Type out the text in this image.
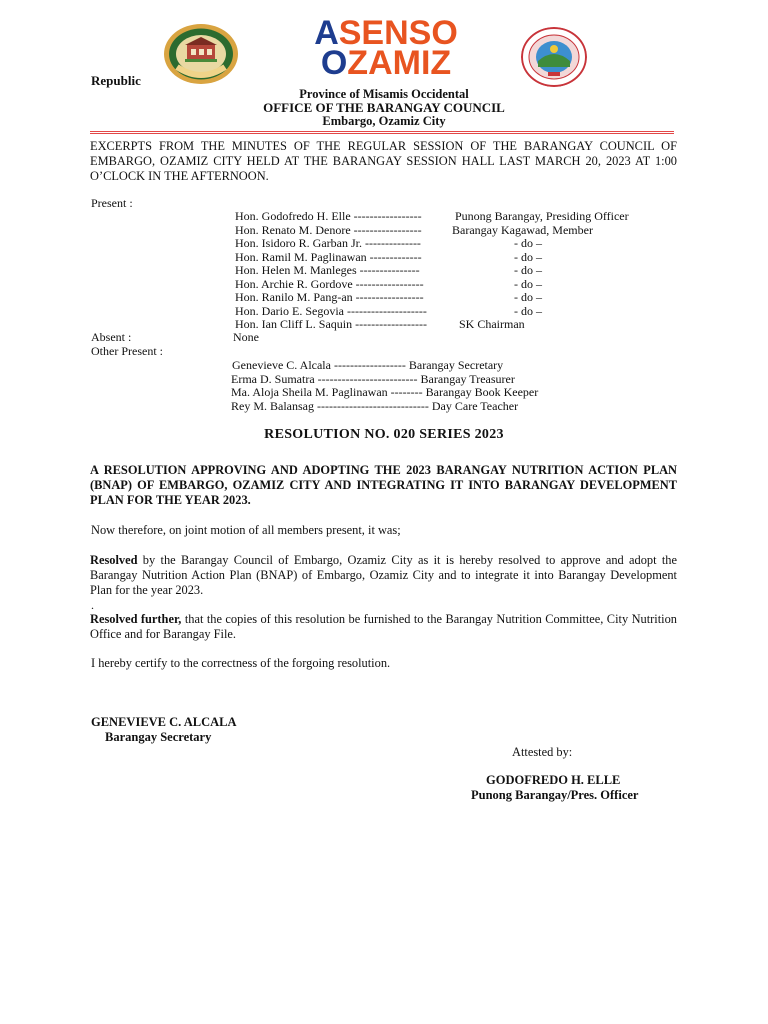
ASENSO
OZAMIZ
Republic
Province of Misamis Occidental
OFFICE OF THE BARANGAY COUNCIL
Embargo, Ozamiz City
EXCERPTS FROM THE MINUTES OF THE REGULAR SESSION OF THE BARANGAY COUNCIL OF EMBARGO, OZAMIZ CITY HELD AT THE BARANGAY SESSION HALL LAST MARCH 20, 2023 AT 1:00 O’CLOCK IN THE AFTERNOON.
Present :
Hon. Godofredo H. Elle -----------------	Punong Barangay, Presiding Officer
Hon. Renato M. Denore -----------------	Barangay Kagawad, Member
Hon. Isidoro R. Garban Jr. --------------	- do –
Hon. Ramil M. Paglinawan -------------	- do –
Hon. Helen M. Manleges ---------------	- do –
Hon. Archie R. Gordove -----------------	- do –
Hon. Ranilo M. Pang-an -----------------	- do –
Hon. Dario E. Segovia --------------------	- do –
Hon. Ian Cliff L. Saquin ------------------	SK Chairman
Absent :	None
Other Present :
Genevieve C. Alcala ------------------ Barangay Secretary
Erma D. Sumatra ------------------------- Barangay Treasurer
Ma. Aloja Sheila M. Paglinawan -------- Barangay Book Keeper
Rey M. Balansag ---------------------------- Day Care Teacher
RESOLUTION NO. 020 SERIES 2023
A RESOLUTION APPROVING AND ADOPTING THE 2023 BARANGAY NUTRITION ACTION PLAN (BNAP) OF EMBARGO, OZAMIZ CITY AND INTEGRATING IT INTO BARANGAY DEVELOPMENT PLAN FOR THE YEAR 2023.
Now therefore, on joint motion of all members present, it was;
Resolved by the Barangay Council of Embargo, Ozamiz City as it is hereby resolved to approve and adopt the Barangay Nutrition Action Plan (BNAP) of Embargo, Ozamiz City and to integrate it into Barangay Development Plan for the year 2023.
.
Resolved further, that the copies of this resolution be furnished to the Barangay Nutrition Committee, City Nutrition Office and for Barangay File.
I hereby certify to the correctness of the forgoing resolution.
GENEVIEVE C. ALCALA
Barangay Secretary
Attested by:
GODOFREDO H. ELLE
Punong Barangay/Pres. Officer
